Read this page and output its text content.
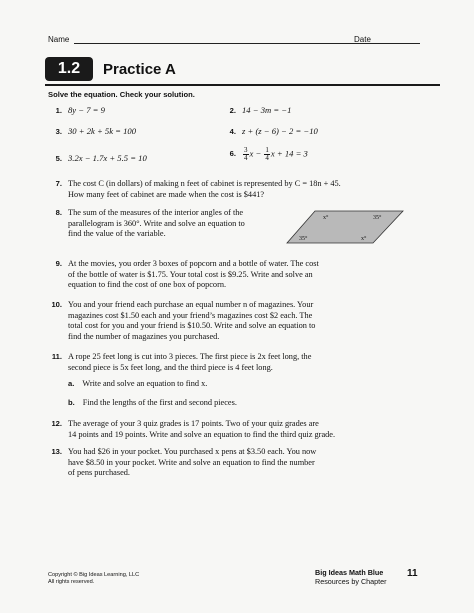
Name	Date
1.2	Practice A
Solve the equation. Check your solution.
1. 8y − 7 = 9	2. 14 − 3m = −1
3. 30 + 2k + 5k = 100	4. z + (z − 6) − 2 = −10
5. 3.2x − 1.7x + 5.5 = 10	6. $\frac{3}{4}$ $x - \frac{1}{4}$ x + 14 = 3
7. The cost C (in dollars) of making n feet of cabinet is represented by C = 18n + 45.
How many feet of cabinet are made when the cost is $441?
8. The sum of the measures of the interior angles of the
parallelogram is 360°. Write and solve an equation to
find the value of the variable.
x°	35°
35°	x°
9. At the movies, you order 3 boxes of popcorn and a bottle of water. The cost
of the bottle of water is $1.75. Your total cost is $9.25. Write and solve an
equation to find the cost of one box of popcorn.
10. You and your friend each purchase an equal number n of magazines. Your
magazines cost $1.50 each and your friend’s magazines cost $2 each. The
total cost for you and your friend is $10.50. Write and solve an equation to
find the number of magazines you purchased.
11. A rope 25 feet long is cut into 3 pieces. The first piece is 2x feet long, the
second piece is 5x feet long, and the third piece is 4 feet long.
a. Write and solve an equation to find x.
b. Find the lengths of the first and second pieces.
12. The average of your 3 quiz grades is 17 points. Two of your quiz grades are
14 points and 19 points. Write and solve an equation to find the third quiz grade.
13. You had $26 in your pocket. You purchased x pens at $3.50 each. You now
have $8.50 in your pocket. Write and solve an equation to find the number
of pens purchased.
Copyright © Big Ideas Learning, LLC
All rights reserved.
Big Ideas Math Blue
Resources by Chapter
11
